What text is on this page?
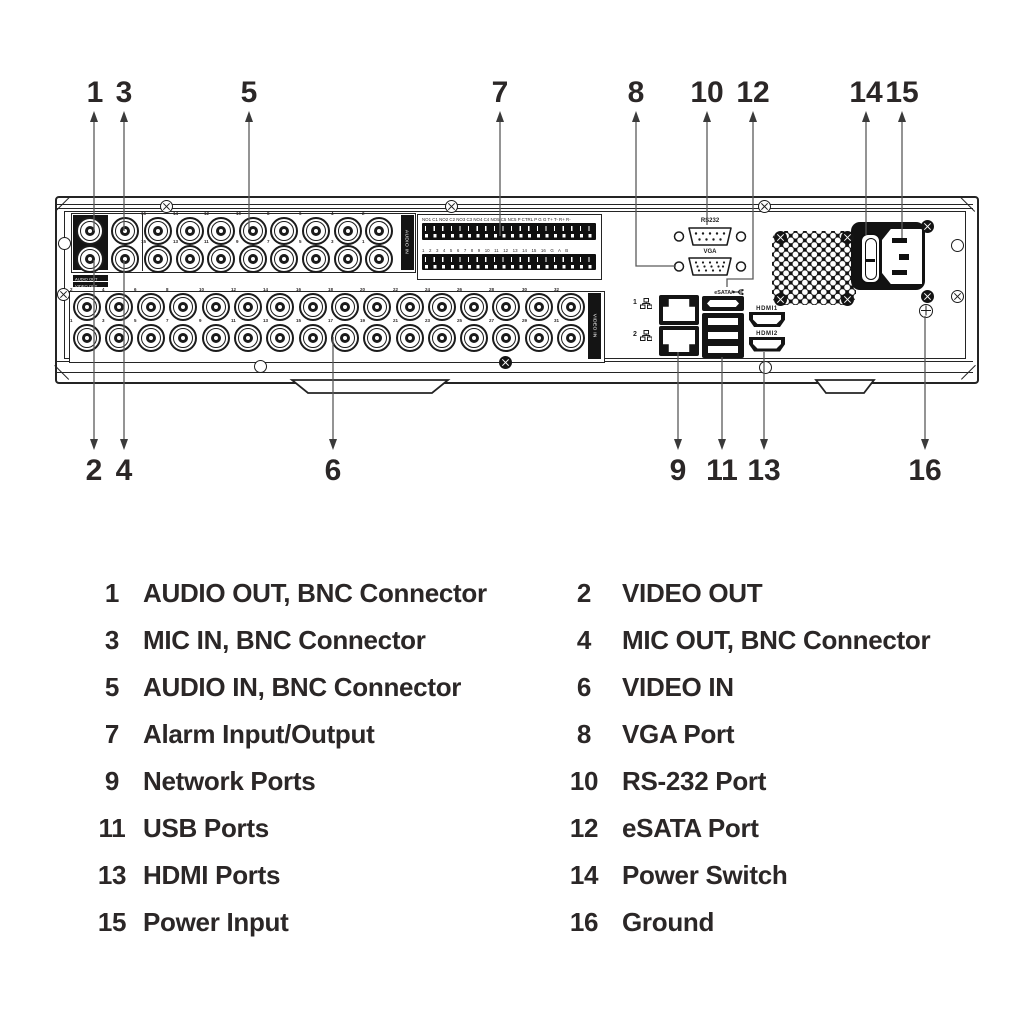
AUDIO OUT
VIDEO OUT
16	14	12	10	8	6	4	2
15	13	11	9	7	5	3	1	AUDIO IN
NO1 C1 NO2 C2 NO3 C3 NO4 C4 NO5 C5 NC5 P CTRL P G G T+ T- R+ R-
1 2 3 4 5 6 7 8 9 10 11 12 13 14 15 16 G A B
2	4	6	8	10	12	14	16	18	20	22	24	26	28	30	32
1	3	5	7	9	11	13	15	17	19	21	23	25	27	29	31	VIDEO IN
RS232
VGA
1
2
eSATA/
HDMI1
HDMI2
1 3	5	7	8	10 12	14 15
2 4	6	9 11 13	16
1 AUDIO OUT, BNC Connector
3 MIC IN, BNC Connector
5 AUDIO IN, BNC Connector
7 Alarm Input/Output
9 Network Ports
11 USB Ports
13 HDMI Ports
15 Power Input
2	VIDEO OUT
4	MIC OUT, BNC Connector
6	VIDEO IN
8	VGA Port
10 RS-232 Port
12 eSATA Port
14 Power Switch
16 Ground
